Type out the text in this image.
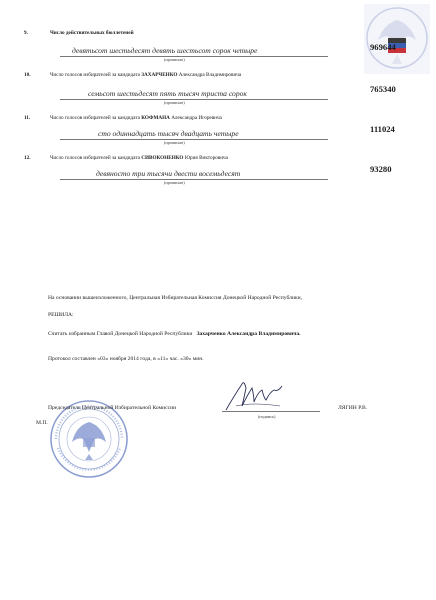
9.	Число действительных бюллетеней
девятьсот шестьдесят девять шестьсот сорок четыре
(прописью)
969644
10.	Число голосов избирателей за кандидата ЗАХАРЧЕНКО Александра Владимировича
семьсот шестьдесят пять тысяч триста сорок
(прописью)
765340
11.	Число голосов избирателей за кандидата КОФМАНА Александра Игоревича
сто одиннадцать тысяч двадцать четыре
(прописью)
111024
12.	Число голосов избирателей за кандидата СИВОКОНЕНКО Юрия Викторовича
девяносто три тысячи двести восемьдесят
(прописью)
93280
На основании вышеизложенного, Центральная Избирательная Комиссия Донецкой Народной Республики,
РЕШИЛА:
Считать избранным Главой Донецкой Народной Республики Захарченко Александра Владимировича.
Протокол составлен «03» ноября 2014 года, в «11» час. «30» мин.
Председатель Центральной Избирательной Комиссии
(подпись)
ЛЯГИН Р.В.
М.П.
